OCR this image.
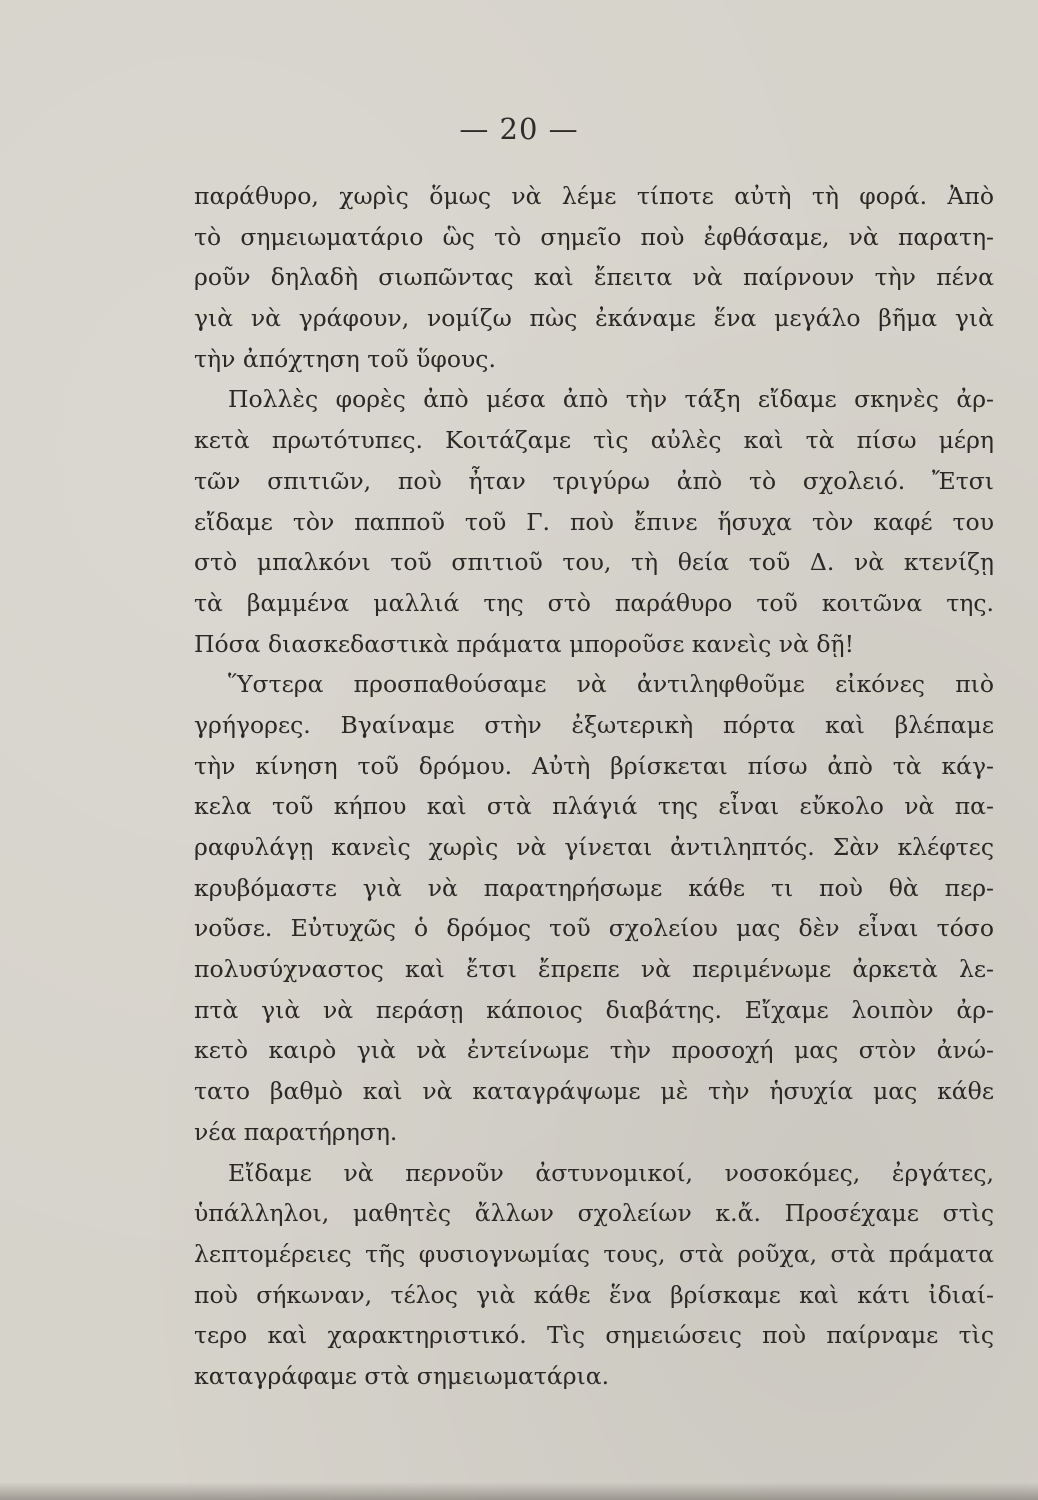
— 20 —
παράθυρο, χωρὶς ὅμως νὰ λέμε τίποτε αὐτὴ τὴ φορά. Ἀπὸ
τὸ σημειωματάριο ὣς τὸ σημεῖο ποὺ ἐφθάσαμε, νὰ παρατη-
ροῦν δηλαδὴ σιωπῶντας καὶ ἔπειτα νὰ παίρνουν τὴν πένα
γιὰ νὰ γράφουν, νομίζω πὼς ἐκάναμε ἕνα μεγάλο βῆμα γιὰ
τὴν ἀπόχτηση τοῦ ὕφους.
Πολλὲς φορὲς ἀπὸ μέσα ἀπὸ τὴν τάξη εἴδαμε σκηνὲς ἀρ-
κετὰ πρωτότυπες. Κοιτάζαμε τὶς αὐλὲς καὶ τὰ πίσω μέρη
τῶν σπιτιῶν, ποὺ ἦταν τριγύρω ἀπὸ τὸ σχολειό. Ἔτσι
εἴδαμε τὸν παπποῦ τοῦ Γ. ποὺ ἔπινε ἥσυχα τὸν καφέ του
στὸ μπαλκόνι τοῦ σπιτιοῦ του, τὴ θεία τοῦ Δ. νὰ κτενίζῃ
τὰ βαμμένα μαλλιά της στὸ παράθυρο τοῦ κοιτῶνα της.
Πόσα διασκεδαστικὰ πράματα μποροῦσε κανεὶς νὰ δῇ!
Ὕστερα προσπαθούσαμε νὰ ἀντιληφθοῦμε εἰκόνες πιὸ
γρήγορες. Βγαίναμε στὴν ἐξωτερικὴ πόρτα καὶ βλέπαμε
τὴν κίνηση τοῦ δρόμου. Αὐτὴ βρίσκεται πίσω ἀπὸ τὰ κάγ-
κελα τοῦ κήπου καὶ στὰ πλάγιά της εἶναι εὔκολο νὰ πα-
ραφυλάγῃ κανεὶς χωρὶς νὰ γίνεται ἀντιληπτός. Σὰν κλέφτες
κρυβόμαστε γιὰ νὰ παρατηρήσωμε κάθε τι ποὺ θὰ περ-
νοῦσε. Εὐτυχῶς ὁ δρόμος τοῦ σχολείου μας δὲν εἶναι τόσο
πολυσύχναστος καὶ ἔτσι ἔπρεπε νὰ περιμένωμε ἀρκετὰ λε-
πτὰ γιὰ νὰ περάσῃ κάποιος διαβάτης. Εἴχαμε λοιπὸν ἀρ-
κετὸ καιρὸ γιὰ νὰ ἐντείνωμε τὴν προσοχή μας στὸν ἀνώ-
τατο βαθμὸ καὶ νὰ καταγράψωμε μὲ τὴν ἡσυχία μας κάθε
νέα παρατήρηση.
Εἴδαμε νὰ περνοῦν ἀστυνομικοί, νοσοκόμες, ἐργάτες,
ὑπάλληλοι, μαθητὲς ἄλλων σχολείων κ.ἄ. Προσέχαμε στὶς
λεπτομέρειες τῆς φυσιογνωμίας τους, στὰ ροῦχα, στὰ πράματα
ποὺ σήκωναν, τέλος γιὰ κάθε ἕνα βρίσκαμε καὶ κάτι ἰδιαί-
τερο καὶ χαρακτηριστικό. Τὶς σημειώσεις ποὺ παίρναμε τὶς
καταγράφαμε στὰ σημειωματάρια.
